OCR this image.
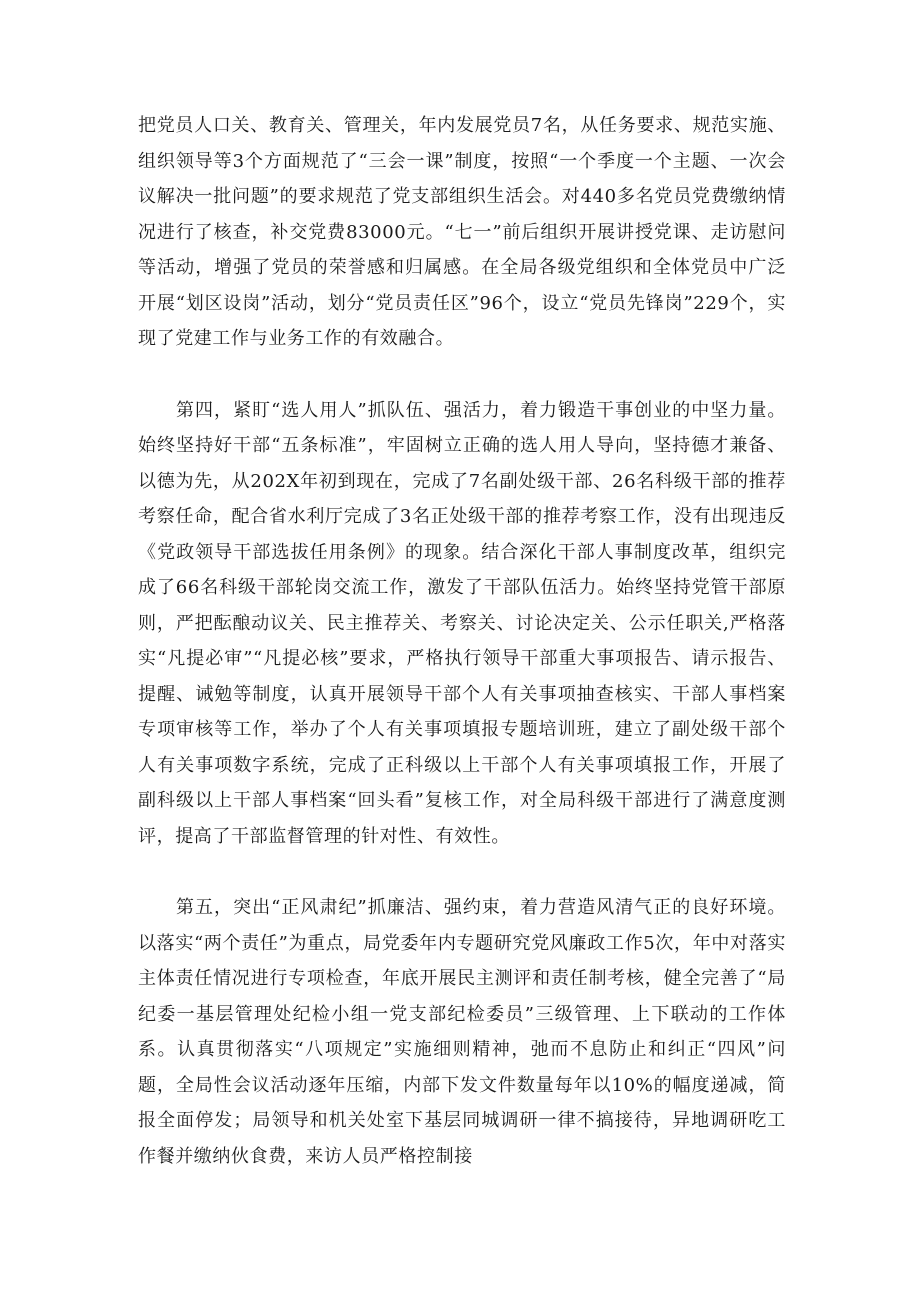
把党员人口关、教育关、管理关，年内发展党员7名，从任务要求、规范实施、组织领导等3个方面规范了“三会一课”制度，按照“一个季度一个主题、一次会议解决一批问题”的要求规范了党支部组织生活会。对440多名党员党费缴纳情况进行了核查，补交党费83000元。“七一”前后组织开展讲授党课、走访慰问等活动，增强了党员的荣誉感和归属感。在全局各级党组织和全体党员中广泛开展“划区设岗”活动，划分“党员责任区”96个，设立“党员先锋岗”229个，实现了党建工作与业务工作的有效融合。

第四，紧盯“选人用人”抓队伍、强活力，着力锻造干事创业的中坚力量。始终坚持好干部“五条标准”，牢固树立正确的选人用人导向，坚持德才兼备、以德为先，从202X年初到现在，完成了7名副处级干部、26名科级干部的推荐考察任命，配合省水利厅完成了3名正处级干部的推荐考察工作，没有出现违反《党政领导干部选拔任用条例》的现象。结合深化干部人事制度改革，组织完成了66名科级干部轮岗交流工作，激发了干部队伍活力。始终坚持党管干部原则，严把酝酿动议关、民主推荐关、考察关、讨论决定关、公示任职关,严格落实“凡提必审”“凡提必核”要求，严格执行领导干部重大事项报告、请示报告、提醒、诫勉等制度，认真开展领导干部个人有关事项抽查核实、干部人事档案专项审核等工作，举办了个人有关事项填报专题培训班，建立了副处级干部个人有关事项数字系统，完成了正科级以上干部个人有关事项填报工作，开展了副科级以上干部人事档案“回头看”复核工作，对全局科级干部进行了满意度测评，提高了干部监督管理的针对性、有效性。

第五，突出“正风肃纪”抓廉洁、强约束，着力营造风清气正的良好环境。以落实“两个责任”为重点，局党委年内专题研究党风廉政工作5次，年中对落实主体责任情况进行专项检查，年底开展民主测评和责任制考核，健全完善了“局纪委一基层管理处纪检小组一党支部纪检委员”三级管理、上下联动的工作体系。认真贯彻落实“八项规定”实施细则精神，弛而不息防止和纠正“四风”问题，全局性会议活动逐年压缩，内部下发文件数量每年以10%的幅度递减，简报全面停发；局领导和机关处室下基层同城调研一律不搞接待，异地调研吃工作餐并缴纳伙食费，来访人员严格控制接
